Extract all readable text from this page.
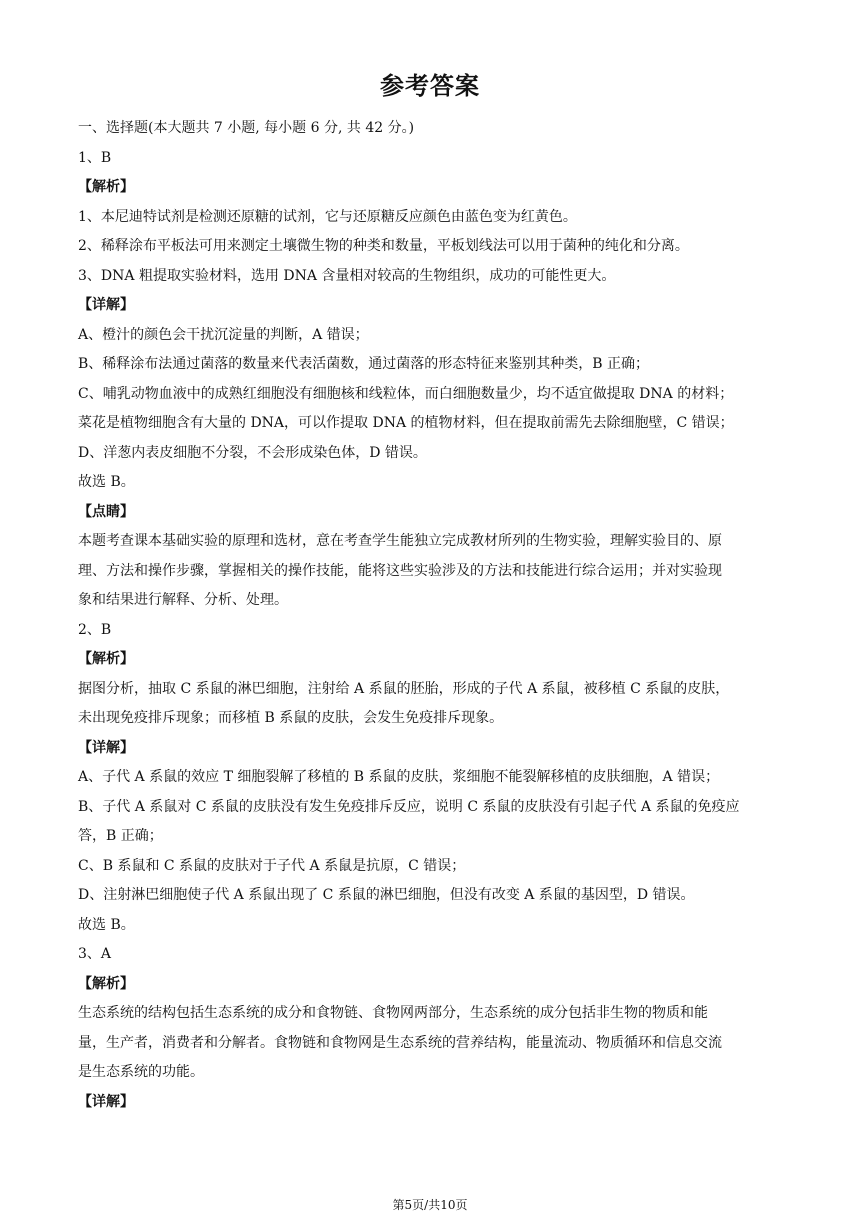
参考答案

一、选择题(本大题共 7 小题, 每小题 6 分, 共 42 分。)

1、B

【解析】

1、本尼迪特试剂是检测还原糖的试剂，它与还原糖反应颜色由蓝色变为红黄色。

2、稀释涂布平板法可用来测定土壤微生物的种类和数量，平板划线法可以用于菌种的纯化和分离。

3、DNA 粗提取实验材料，选用 DNA 含量相对较高的生物组织，成功的可能性更大。

【详解】

A、橙汁的颜色会干扰沉淀量的判断，A 错误；

B、稀释涂布法通过菌落的数量来代表活菌数，通过菌落的形态特征来鉴别其种类，B 正确；

C、哺乳动物血液中的成熟红细胞没有细胞核和线粒体，而白细胞数量少，均不适宜做提取 DNA 的材料；

菜花是植物细胞含有大量的 DNA，可以作提取 DNA 的植物材料，但在提取前需先去除细胞壁，C 错误；

D、洋葱内表皮细胞不分裂，不会形成染色体，D 错误。

故选 B。

【点睛】

本题考查课本基础实验的原理和选材，意在考查学生能独立完成教材所列的生物实验，理解实验目的、原

理、方法和操作步骤，掌握相关的操作技能，能将这些实验涉及的方法和技能进行综合运用；并对实验现

象和结果进行解释、分析、处理。

2、B

【解析】

据图分析，抽取 C 系鼠的淋巴细胞，注射给 A 系鼠的胚胎，形成的子代 A 系鼠，被移植 C 系鼠的皮肤，

未出现免疫排斥现象；而移植 B 系鼠的皮肤，会发生免疫排斥现象。

【详解】

A、子代 A 系鼠的效应 T 细胞裂解了移植的 B 系鼠的皮肤，浆细胞不能裂解移植的皮肤细胞，A 错误；

B、子代 A 系鼠对 C 系鼠的皮肤没有发生免疫排斥反应，说明 C 系鼠的皮肤没有引起子代 A 系鼠的免疫应

答，B 正确；

C、B 系鼠和 C 系鼠的皮肤对于子代 A 系鼠是抗原，C 错误；

D、注射淋巴细胞使子代 A 系鼠出现了 C 系鼠的淋巴细胞，但没有改变 A 系鼠的基因型，D 错误。

故选 B。

3、A

【解析】

生态系统的结构包括生态系统的成分和食物链、食物网两部分，生态系统的成分包括非生物的物质和能

量，生产者，消费者和分解者。食物链和食物网是生态系统的营养结构，能量流动、物质循环和信息交流

是生态系统的功能。

【详解】

第5页/共10页
